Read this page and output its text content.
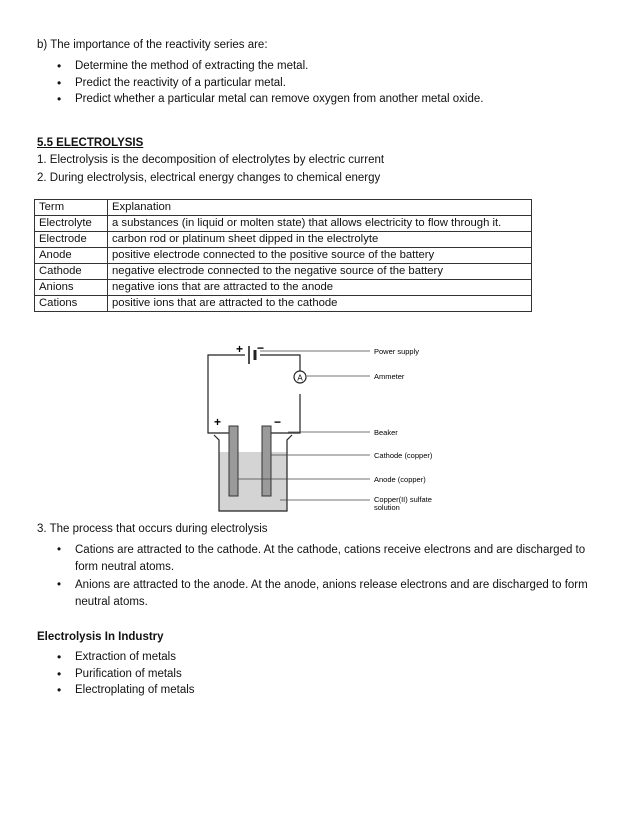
b) The importance of the reactivity series are:
• Determine the method of extracting the metal.
• Predict the reactivity of a particular metal.
• Predict whether a particular metal can remove oxygen from another metal oxide.
5.5 ELECTROLYSIS
1. Electrolysis is the decomposition of electrolytes by electric current
2. During electrolysis, electrical energy changes to chemical energy
Term	Explanation
Electrolyte	a substances (in liquid or molten state) that allows electricity to flow through it.
Electrode	carbon rod or platinum sheet dipped in the electrolyte
Anode	positive electrode connected to the positive source of the battery
Cathode	negative electrode connected to the negative source of the battery
Anions	negative ions that are attracted to the anode
Cations	positive ions that are attracted to the cathode
+ −
A
+	−
Power supply
Ammeter
Beaker
Cathode (copper)
Anode (copper)
Copper(II) sulfate
solution
3. The process that occurs during electrolysis
• Cations are attracted to the cathode. At the cathode, cations receive electrons and are discharged to form neutral atoms.
• Anions are attracted to the anode. At the anode, anions release electrons and are discharged to form neutral atoms.
Electrolysis In Industry
• Extraction of metals
• Purification of metals
• Electroplating of metals
